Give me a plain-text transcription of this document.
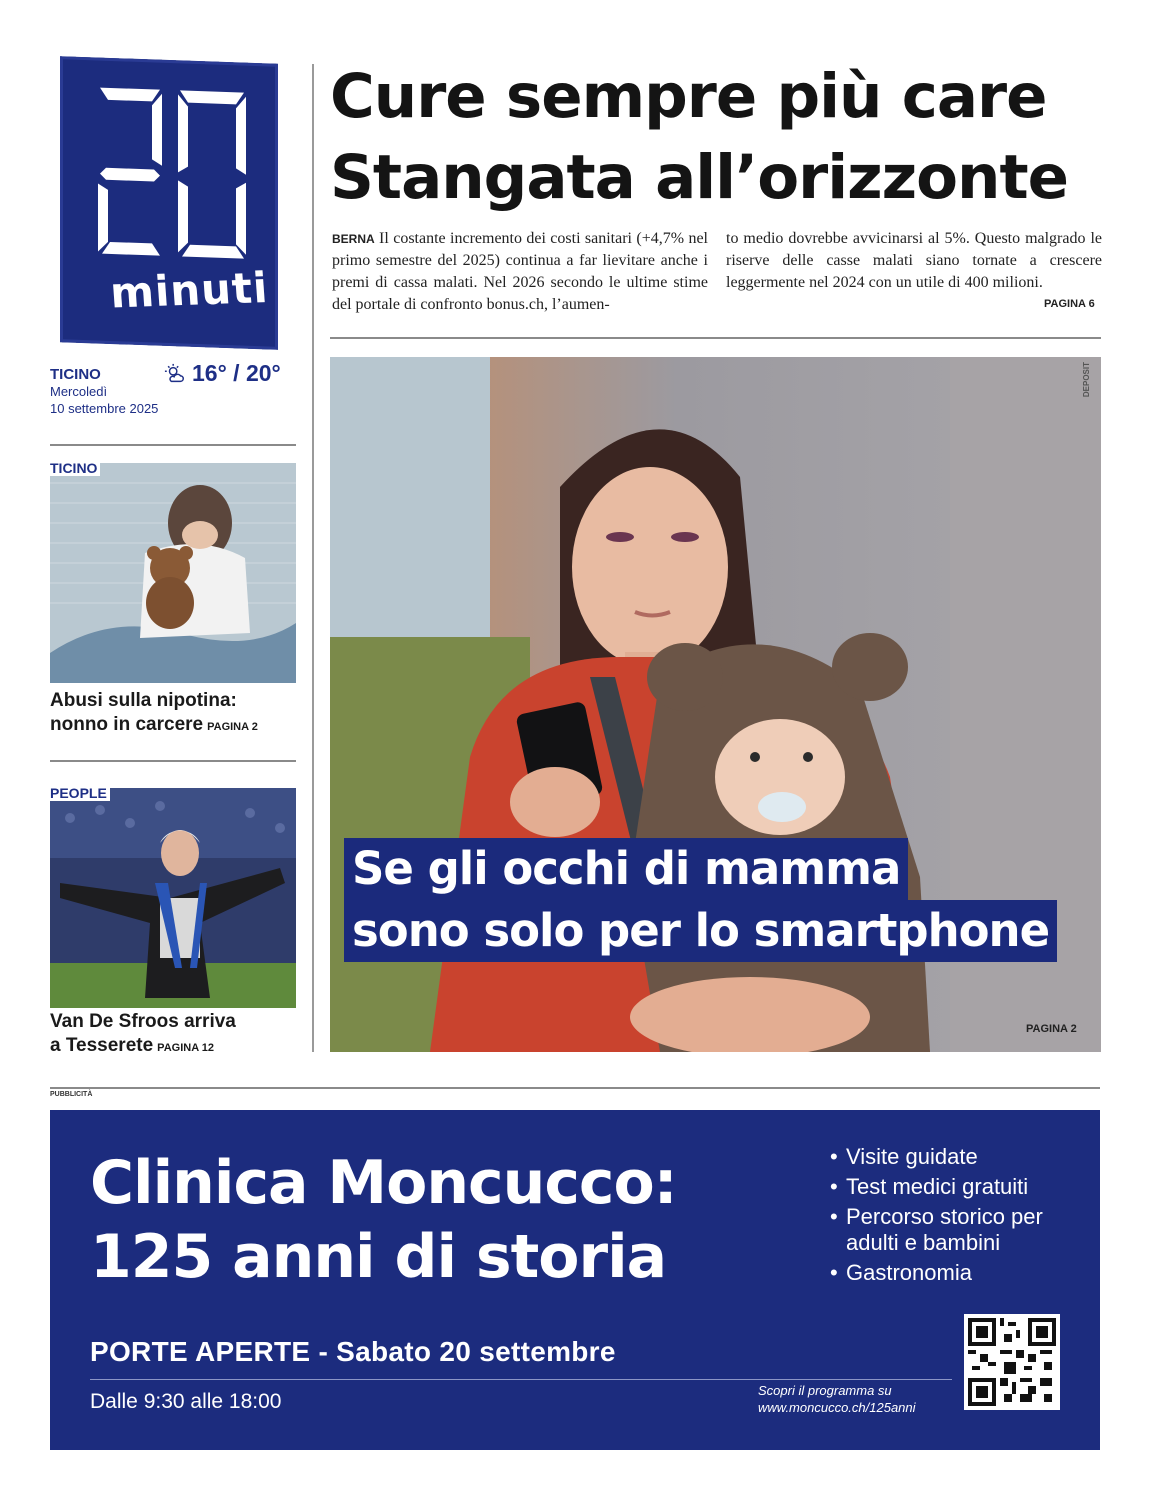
minuti
TICINO
Mercoledì
10 settembre 2025
16° / 20°
TICINO
Abusi sulla nipotina:
nonno in carcere PAGINA 2
PEOPLE
Van De Sfroos arriva
a Tesserete PAGINA 12
Cure sempre più care
Stangata all’orizzonte
BERNA Il costante incremento dei costi sanitari (+4,7% nel primo semestre del 2025) continua a far lievitare anche i premi di cassa malati. Nel 2026 secondo le ultime stime del portale di confronto bonus.ch, l’aumen-
to medio dovrebbe avvicinarsi al 5%. Questo malgrado le riserve delle casse malati siano tornate a crescere leggermente nel 2024 con un utile di 400 milioni.
PAGINA 6
DEPOSIT
Se gli occhi di mamma
sono solo per lo smartphone
PAGINA 2
PUBBLICITÀ
Clinica Moncucco:
125 anni di storia
• Visite guidate
• Test medici gratuiti
• Percorso storico per adulti e bambini
• Gastronomia
PORTE APERTE - Sabato 20 settembre
Dalle 9:30 alle 18:00	Scopri il programma su
www.moncucco.ch/125anni
